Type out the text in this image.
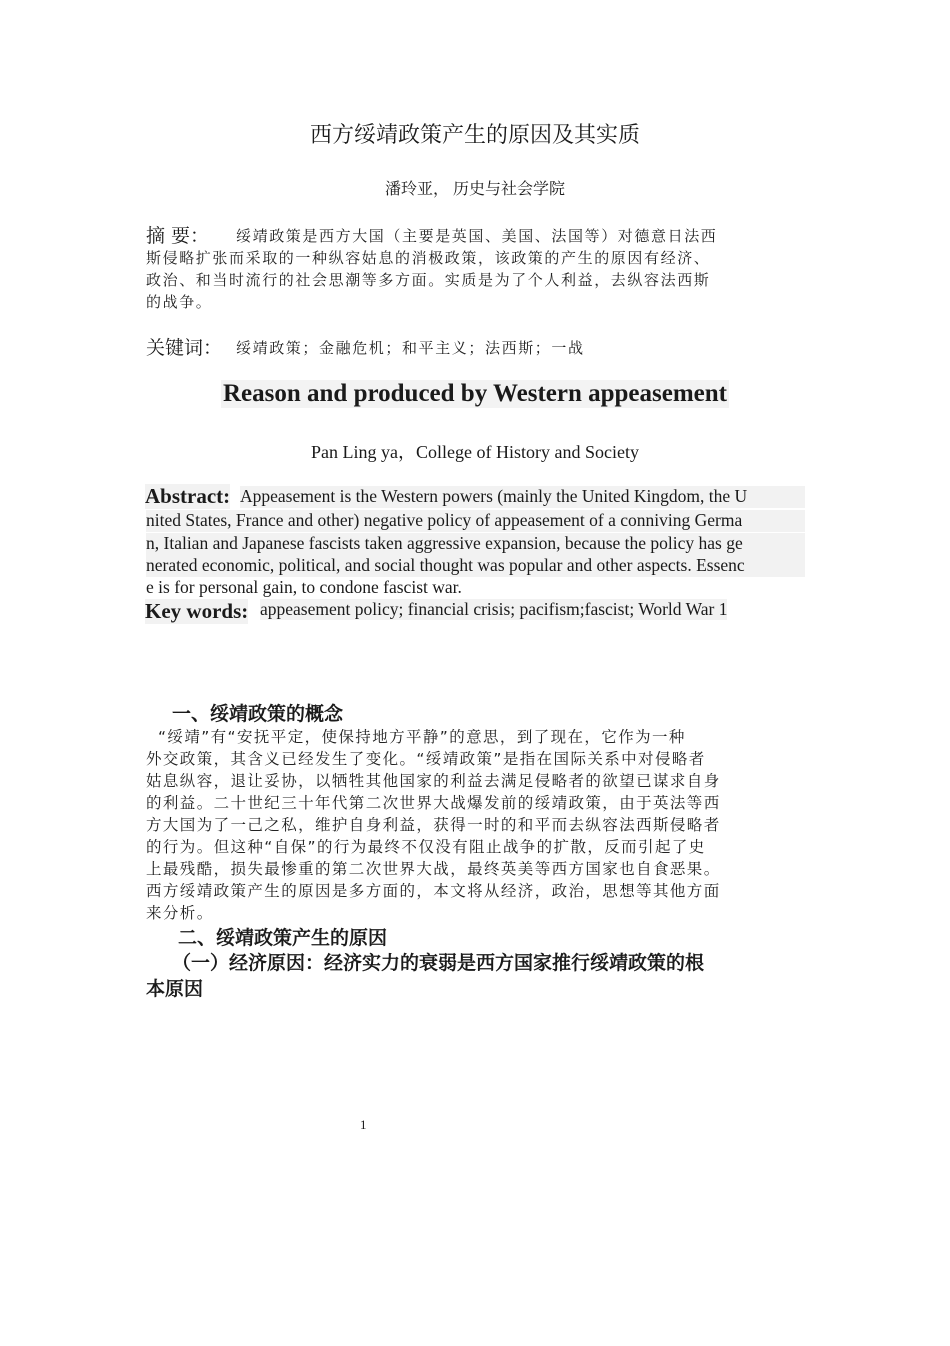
西方绥靖政策产生的原因及其实质
潘玲亚， 历史与社会学院
摘 要： 绥靖政策是西方大国（主要是英国、美国、法国等）对德意日法西
斯侵略扩张而采取的一种纵容姑息的消极政策，该政策的产生的原因有经济、
政治、和当时流行的社会思潮等多方面。实质是为了个人利益，去纵容法西斯
的战争。
关键词： 绥靖政策；金融危机；和平主义；法西斯；一战
Reason and produced by Western appeasement
Pan Ling ya，College of History and Society
Abstract: Appeasement is the Western powers (mainly the United Kingdom, the U
nited States, France and other) negative policy of appeasement of a conniving Germa
n, Italian and Japanese fascists taken aggressive expansion, because the policy has ge
nerated economic, political, and social thought was popular and other aspects. Essenc
e is for personal gain, to condone fascist war.
Key words: appeasement policy; financial crisis; pacifism;fascist; World War 1
一、绥靖政策的概念
“绥靖”有“安抚平定，使保持地方平静”的意思，到了现在，它作为一种
外交政策，其含义已经发生了变化。“绥靖政策”是指在国际关系中对侵略者
姑息纵容，退让妥协，以牺牲其他国家的利益去满足侵略者的欲望已谋求自身
的利益。二十世纪三十年代第二次世界大战爆发前的绥靖政策，由于英法等西
方大国为了一己之私，维护自身利益，获得一时的和平而去纵容法西斯侵略者
的行为。但这种“自保”的行为最终不仅没有阻止战争的扩散，反而引起了史
上最残酷，损失最惨重的第二次世界大战，最终英美等西方国家也自食恶果。
西方绥靖政策产生的原因是多方面的，本文将从经济，政治，思想等其他方面
来分析。
二、绥靖政策产生的原因
（一）经济原因：经济实力的衰弱是西方国家推行绥靖政策的根
本原因
1
